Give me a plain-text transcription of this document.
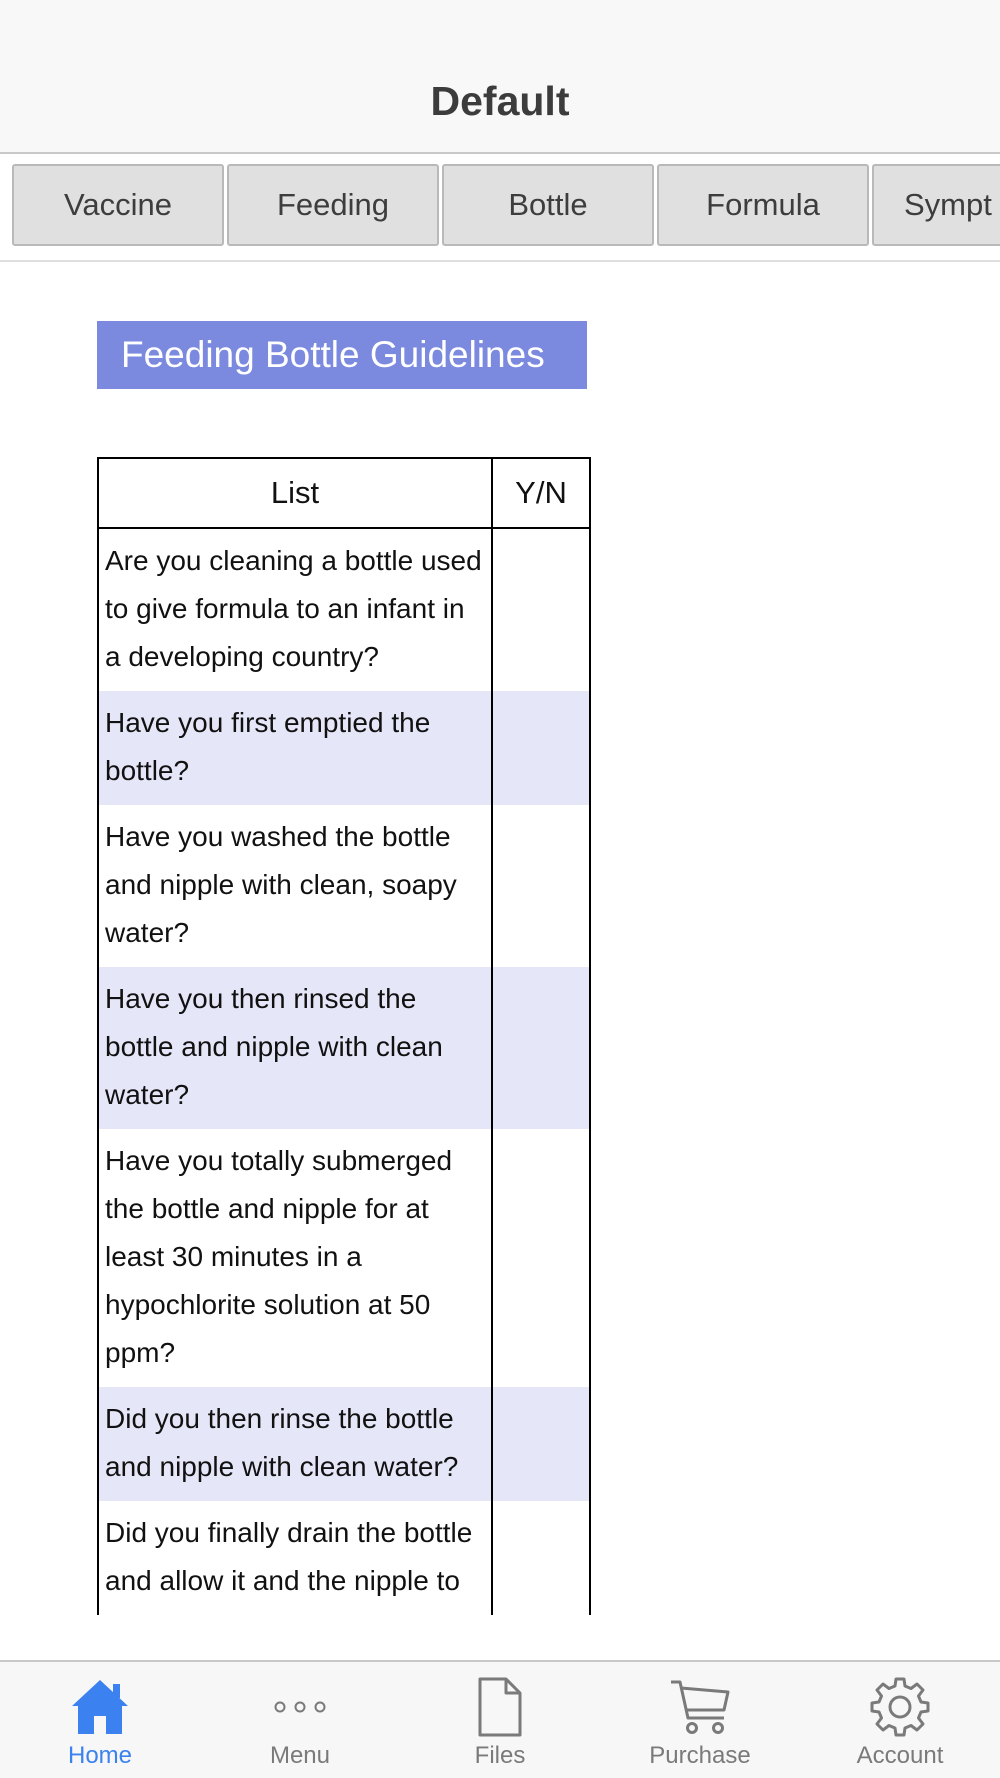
Default
Vaccine	Feeding	Bottle	Formula	Sympt
Feeding Bottle Guidelines
List	Y/N
Are you cleaning a bottle used to give formula to an infant in a developing country?	
Have you first emptied the bottle?	
Have you washed the bottle and nipple with clean, soapy water?	
Have you then rinsed the bottle and nipple with clean water?	
Have you totally submerged the bottle and nipple for at least 30 minutes in a hypochlorite solution at 50 ppm?	
Did you then rinse the bottle and nipple with clean water?	
Did you finally drain the bottle and allow it and the nipple to	
Home	Menu	Files	Purchase	Account
